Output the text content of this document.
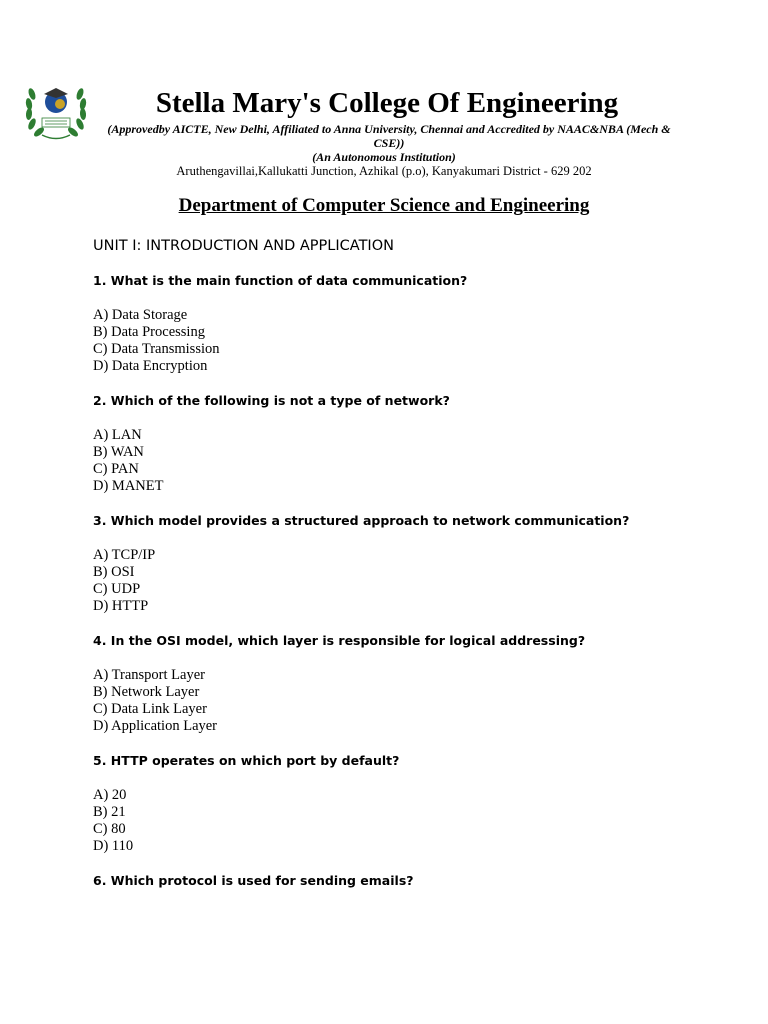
Stella Mary's College Of Engineering
(Approvedby AICTE, New Delhi, Affiliated to Anna University, Chennai and Accredited by NAAC&NBA (Mech & CSE))
(An Autonomous Institution)
Aruthengavillai,Kallukatti Junction, Azhikal (p.o), Kanyakumari District - 629 202
Department of Computer Science and Engineering
UNIT I: INTRODUCTION AND APPLICATION
1. What is the main function of data communication?
A) Data Storage
B) Data Processing
C) Data Transmission
D) Data Encryption
2. Which of the following is not a type of network?
A) LAN
B) WAN
C) PAN
D) MANET
3. Which model provides a structured approach to network communication?
A) TCP/IP
B) OSI
C) UDP
D) HTTP
4. In the OSI model, which layer is responsible for logical addressing?
A) Transport Layer
B) Network Layer
C) Data Link Layer
D) Application Layer
5. HTTP operates on which port by default?
A) 20
B) 21
C) 80
D) 110
6. Which protocol is used for sending emails?
